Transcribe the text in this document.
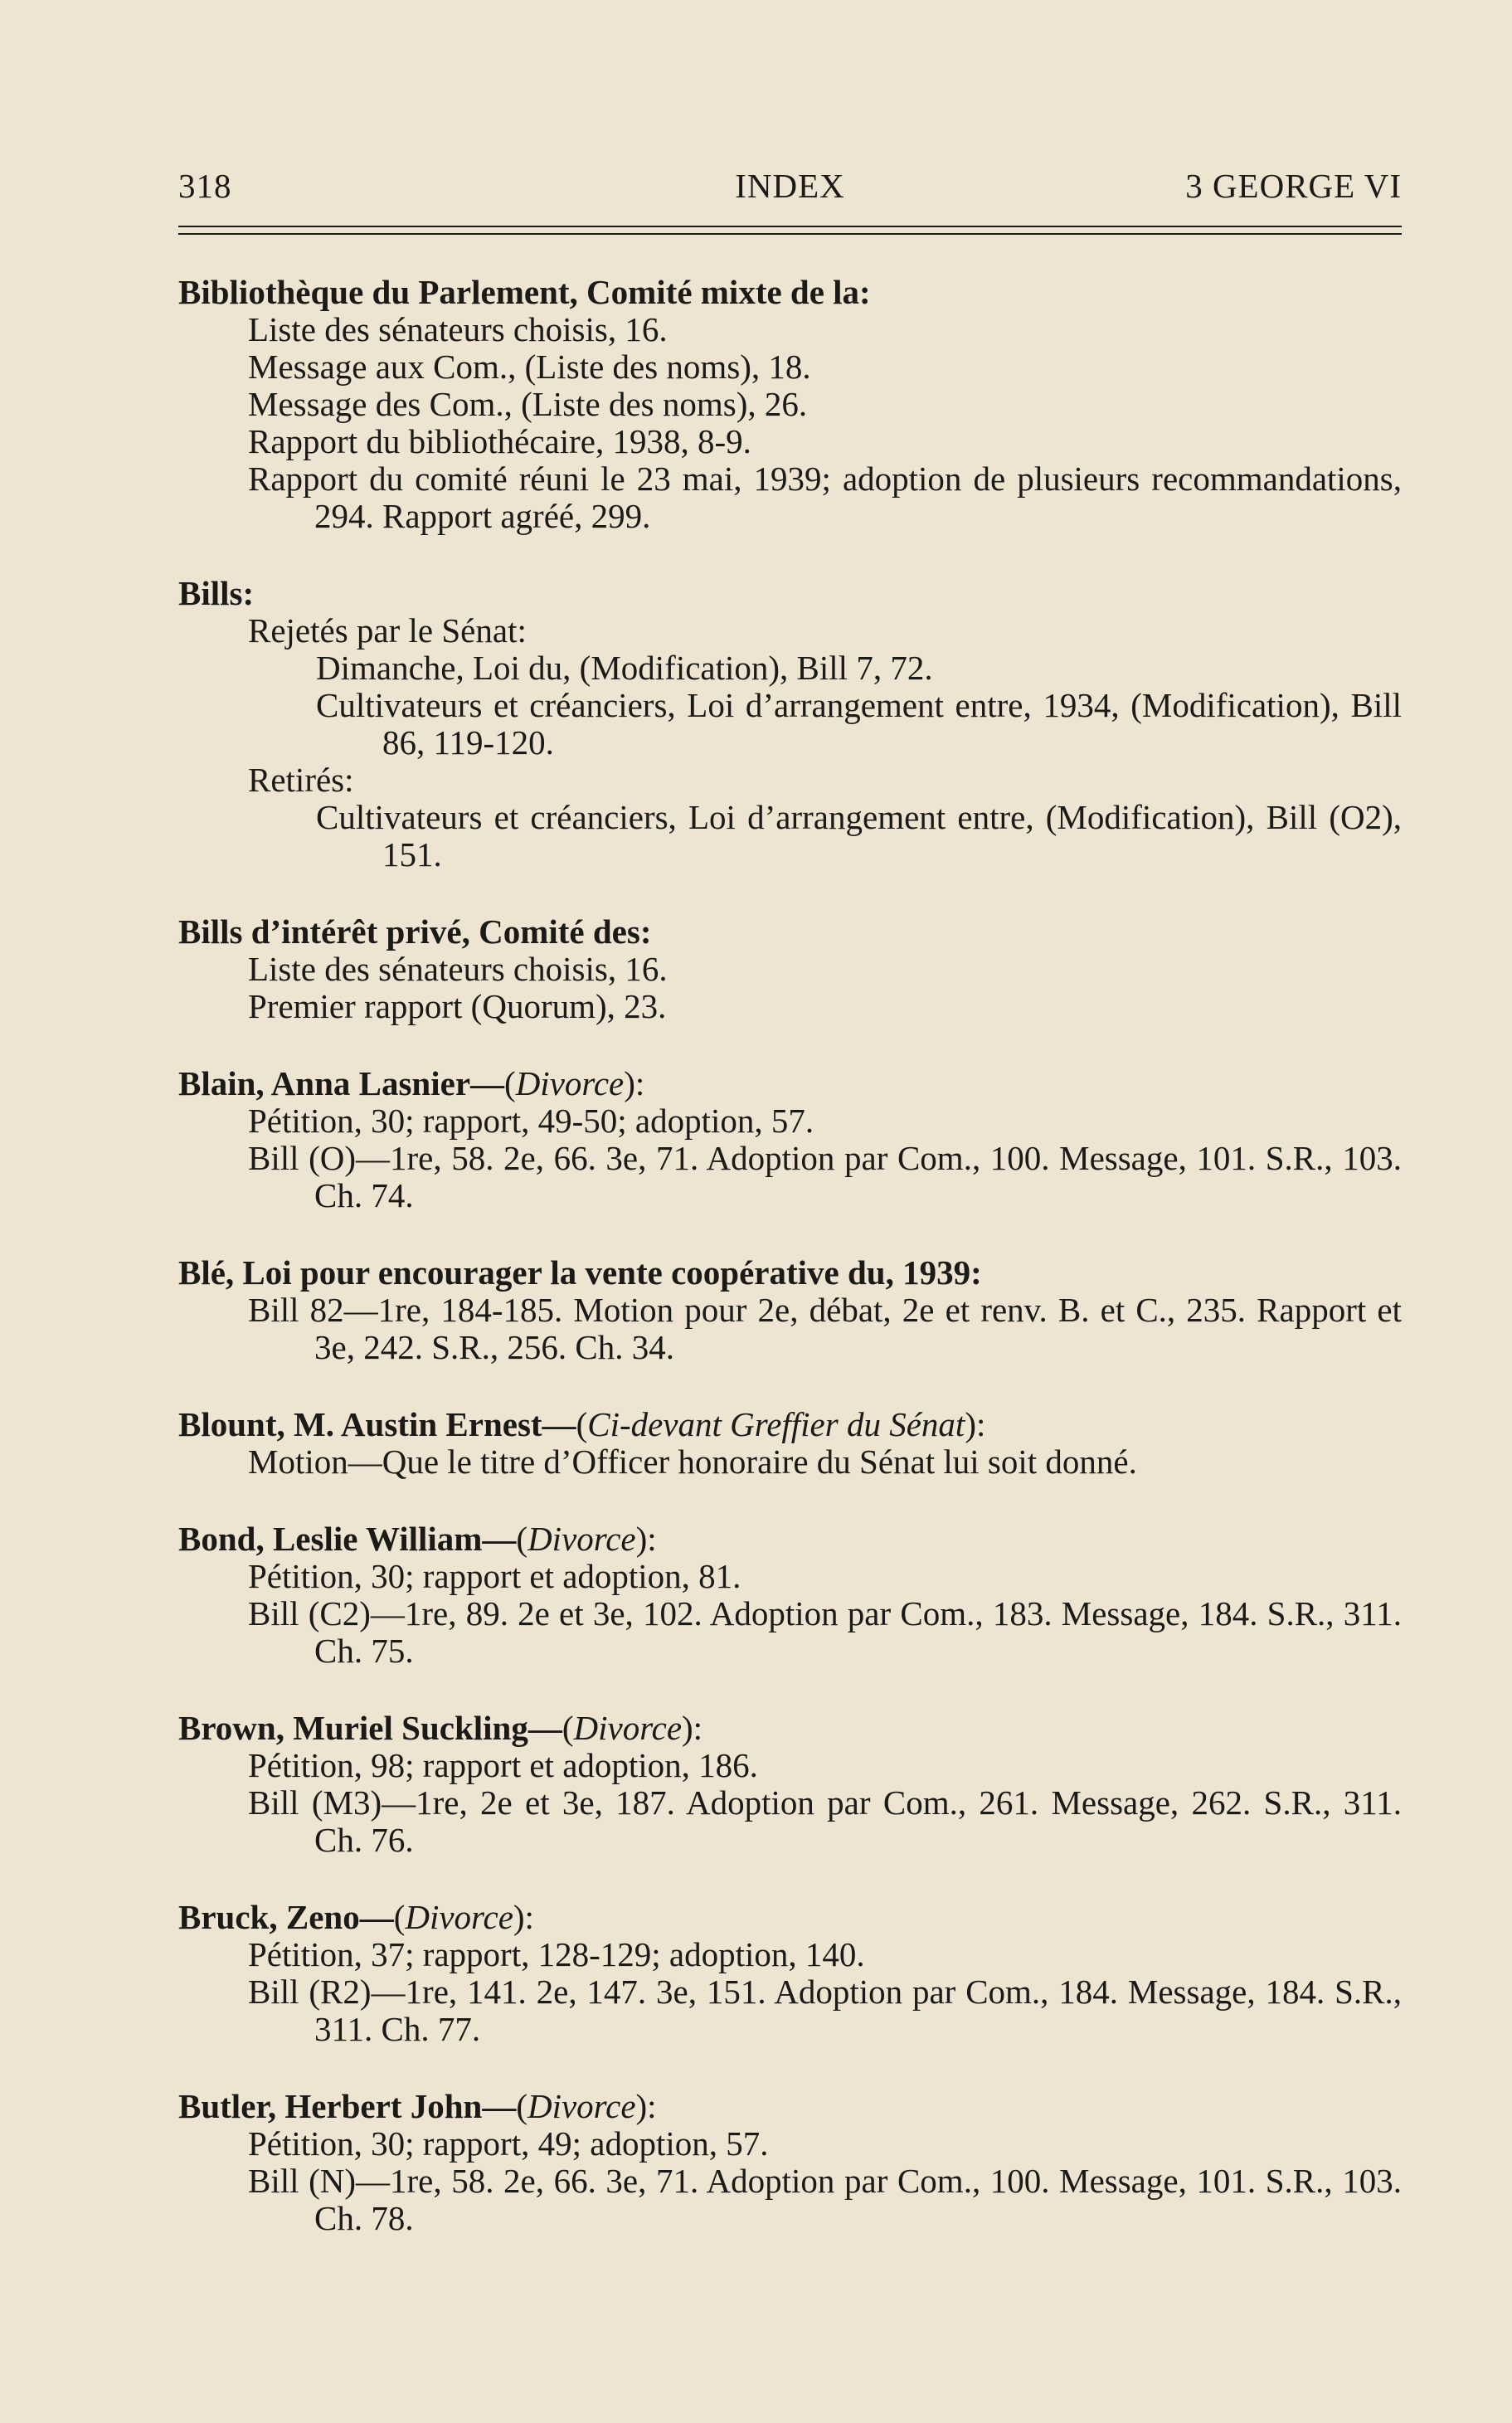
318	INDEX	3 GEORGE VI

Bibliothèque du Parlement, Comité mixte de la:

Liste des sénateurs choisis, 16.

Message aux Com., (Liste des noms), 18.

Message des Com., (Liste des noms), 26.

Rapport du bibliothécaire, 1938, 8-9.

Rapport du comité réuni le 23 mai, 1939; adoption de plusieurs recommandations, 294. Rapport agréé, 299.

Bills:

Rejetés par le Sénat:

Dimanche, Loi du, (Modification), Bill 7, 72.

Cultivateurs et créanciers, Loi d’arrangement entre, 1934, (Modification), Bill 86, 119-120.

Retirés:

Cultivateurs et créanciers, Loi d’arrangement entre, (Modification), Bill (O2), 151.

Bills d’intérêt privé, Comité des:

Liste des sénateurs choisis, 16.

Premier rapport (Quorum), 23.

Blain, Anna Lasnier—(Divorce):

Pétition, 30; rapport, 49-50; adoption, 57.

Bill (O)—1re, 58. 2e, 66. 3e, 71. Adoption par Com., 100. Message, 101. S.R., 103. Ch. 74.

Blé, Loi pour encourager la vente coopérative du, 1939:

Bill 82—1re, 184-185. Motion pour 2e, débat, 2e et renv. B. et C., 235. Rapport et 3e, 242. S.R., 256. Ch. 34.

Blount, M. Austin Ernest—(Ci-devant Greffier du Sénat):

Motion—Que le titre d’Officer honoraire du Sénat lui soit donné.

Bond, Leslie William—(Divorce):

Pétition, 30; rapport et adoption, 81.

Bill (C2)—1re, 89. 2e et 3e, 102. Adoption par Com., 183. Message, 184. S.R., 311. Ch. 75.

Brown, Muriel Suckling—(Divorce):

Pétition, 98; rapport et adoption, 186.

Bill (M3)—1re, 2e et 3e, 187. Adoption par Com., 261. Message, 262. S.R., 311. Ch. 76.

Bruck, Zeno—(Divorce):

Pétition, 37; rapport, 128-129; adoption, 140.

Bill (R2)—1re, 141. 2e, 147. 3e, 151. Adoption par Com., 184. Message, 184. S.R., 311. Ch. 77.

Butler, Herbert John—(Divorce):

Pétition, 30; rapport, 49; adoption, 57.

Bill (N)—1re, 58. 2e, 66. 3e, 71. Adoption par Com., 100. Message, 101. S.R., 103. Ch. 78.
